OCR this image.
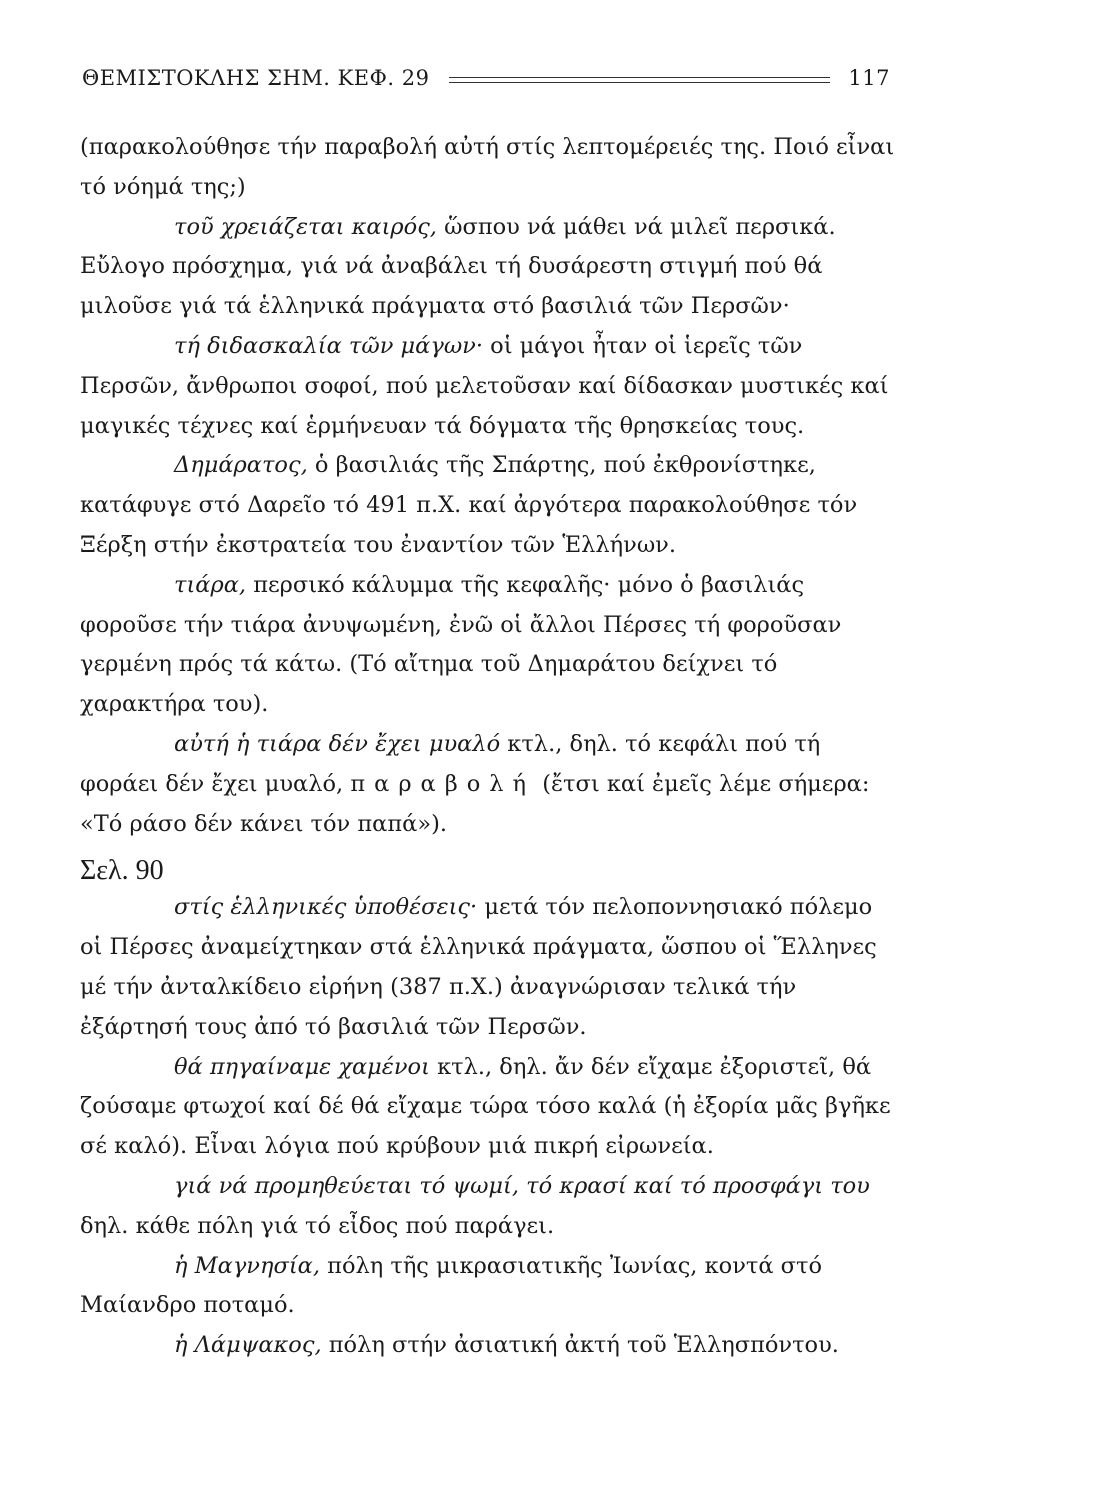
ΘΕΜΙΣΤΟΚΛΗΣ ΣΗΜ. ΚΕΦ. 29	117

(παρακολούθησε τήν παραβολή αὐτή στίς λεπτομέρειές της. Ποιό εἶναι τό νόημά της;)

τοῦ χρειάζεται καιρός, ὥσπου νά μάθει νά μιλεῖ περσικά. Εὔλογο πρόσχημα, γιά νά ἀναβάλει τή δυσάρεστη στιγμή πού θά μιλοῦσε γιά τά ἑλληνικά πράγματα στό βασιλιά τῶν Περσῶν·

τή διδασκαλία τῶν μάγων· οἱ μάγοι ἦταν οἱ ἱερεῖς τῶν Περσῶν, ἄνθρωποι σοφοί, πού μελετοῦσαν καί δίδασκαν μυστικές καί μαγικές τέχνες καί ἑρμήνευαν τά δόγματα τῆς θρησκείας τους.

Δημάρατος, ὁ βασιλιάς τῆς Σπάρτης, πού ἐκθρονίστηκε, κατάφυγε στό Δαρεῖο τό 491 π.Χ. καί ἀργότερα παρακολούθησε τόν Ξέρξη στήν ἐκστρατεία του ἐναντίον τῶν Ἑλλήνων.

τιάρα, περσικό κάλυμμα τῆς κεφαλῆς· μόνο ὁ βασιλιάς φοροῦσε τήν τιάρα ἀνυψωμένη, ἐνῶ οἱ ἄλλοι Πέρσες τή φοροῦσαν γερμένη πρός τά κάτω. (Τό αἴτημα τοῦ Δημαράτου δείχνει τό χαρακτήρα του).

αὐτή ἡ τιάρα δέν ἔχει μυαλό κτλ., δηλ. τό κεφάλι πού τή φοράει δέν ἔχει μυαλό, παραβολή (ἔτσι καί ἐμεῖς λέμε σήμερα: «Τό ράσο δέν κάνει τόν παπά»).

Σελ. 90

στίς ἑλληνικές ὑποθέσεις· μετά τόν πελοποννησιακό πόλεμο οἱ Πέρσες ἀναμείχτηκαν στά ἑλληνικά πράγματα, ὥσπου οἱ Ἕλληνες μέ τήν ἀνταλκίδειο εἰρήνη (387 π.Χ.) ἀναγνώρισαν τελικά τήν ἐξάρτησή τους ἀπό τό βασιλιά τῶν Περσῶν.

θά πηγαίναμε χαμένοι κτλ., δηλ. ἄν δέν εἴχαμε ἐξοριστεῖ, θά ζούσαμε φτωχοί καί δέ θά εἴχαμε τώρα τόσο καλά (ἡ ἐξορία μᾶς βγῆκε σέ καλό). Εἶναι λόγια πού κρύβουν μιά πικρή εἰρωνεία.

γιά νά προμηθεύεται τό ψωμί, τό κρασί καί τό προσφάγι του δηλ. κάθε πόλη γιά τό εἶδος πού παράγει.

ἡ Μαγνησία, πόλη τῆς μικρασιατικῆς Ἰωνίας, κοντά στό Μαίανδρο ποταμό.

ἡ Λάμψακος, πόλη στήν ἀσιατική ἀκτή τοῦ Ἑλλησπόντου.
